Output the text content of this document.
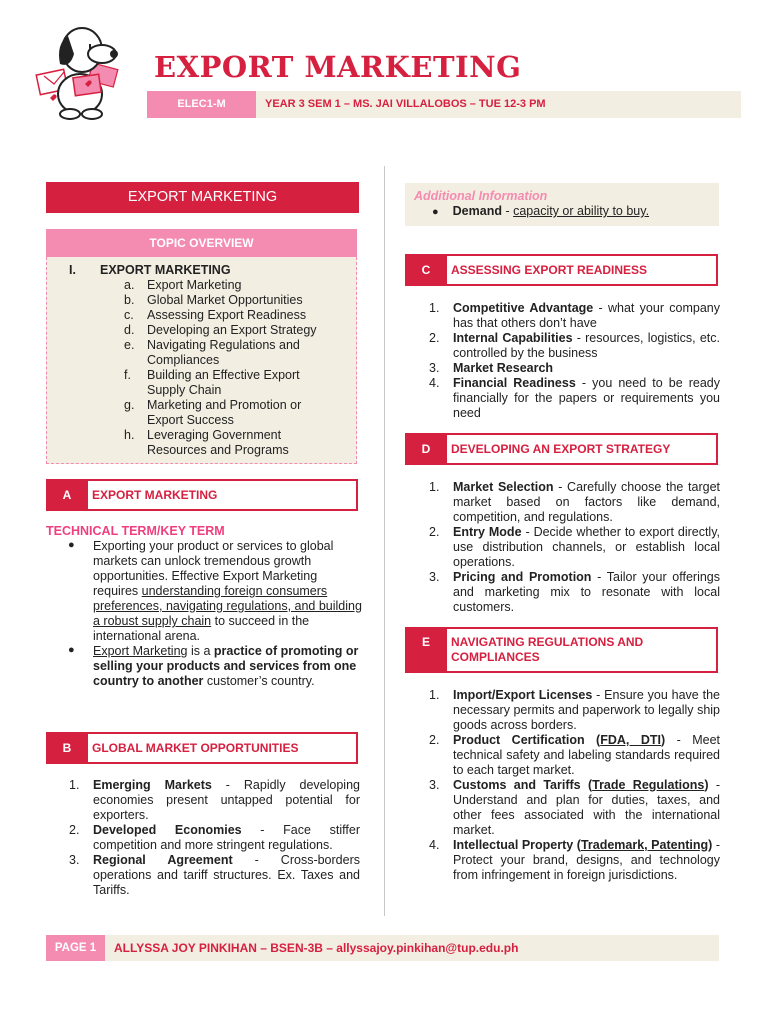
EXPORT MARKETING
ELEC1-M	YEAR 3 SEM 1 – MS. JAI VILLALOBOS – TUE 12-3 PM
EXPORT MARKETING
TOPIC OVERVIEW
I. EXPORT MARKETING
a.	Export Marketing
b.	Global Market Opportunities
c.	Assessing Export Readiness
d.	Developing an Export Strategy
e.	Navigating Regulations and Compliances
f.	Building an Effective Export Supply Chain
g.	Marketing and Promotion or Export Success
h.	Leveraging Government Resources and Programs
A	EXPORT MARKETING
TECHNICAL TERM/KEY TERM
●	Exporting your product or services to global markets can unlock tremendous growth opportunities. Effective Export Marketing requires understanding foreign consumers preferences, navigating regulations, and building a robust supply chain to succeed in the international arena.
●	Export Marketing is a practice of promoting or selling your products and services from one country to another customer’s country.
B	GLOBAL MARKET OPPORTUNITIES
1.	Emerging Markets - Rapidly developing economies present untapped potential for exporters.
2.	Developed Economies - Face stiffer competition and more stringent regulations.
3.	Regional Agreement - Cross-borders operations and tariff structures. Ex. Taxes and Tariffs.
Additional Information
● Demand - capacity or ability to buy.
C	ASSESSING EXPORT READINESS
1.	Competitive Advantage - what your company has that others don’t have
2.	Internal Capabilities - resources, logistics, etc. controlled by the business
3.	Market Research
4.	Financial Readiness - you need to be ready financially for the papers or requirements you need
D	DEVELOPING AN EXPORT STRATEGY
1.	Market Selection - Carefully choose the target market based on factors like demand, competition, and regulations.
2.	Entry Mode - Decide whether to export directly, use distribution channels, or establish local operations.
3.	Pricing and Promotion - Tailor your offerings and marketing mix to resonate with local customers.
E	NAVIGATING REGULATIONS AND
COMPLIANCES
1.	Import/Export Licenses - Ensure you have the necessary permits and paperwork to legally ship goods across borders.
2.	Product Certification (FDA, DTI) - Meet technical safety and labeling standards required to each target market.
3.	Customs and Tariffs (Trade Regulations) - Understand and plan for duties, taxes, and other fees associated with the international market.
4.	Intellectual Property (Trademark, Patenting) - Protect your brand, designs, and technology from infringement in foreign jurisdictions.
PAGE 1	ALLYSSA JOY PINKIHAN – BSEN-3B – allyssajoy.pinkihan@tup.edu.ph
